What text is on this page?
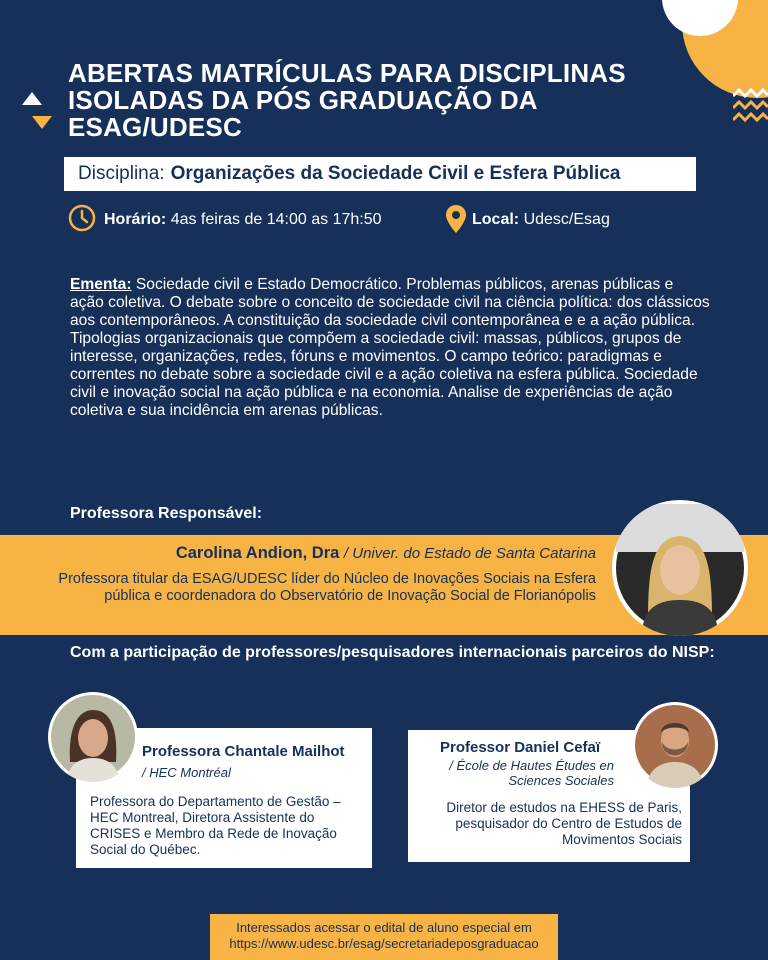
ABERTAS MATRÍCULAS PARA DISCIPLINAS ISOLADAS DA PÓS GRADUAÇÃO DA ESAG/UDESC
Disciplina: Organizações da Sociedade Civil e Esfera Pública
Horário: 4as feiras de 14:00 as 17h:50	Local: Udesc/Esag
Ementa: Sociedade civil e Estado Democrático. Problemas públicos, arenas públicas e ação coletiva. O debate sobre o conceito de sociedade civil na ciência política: dos clássicos aos contemporâneos. A constituição da sociedade civil contemporânea e e a ação pública. Tipologias organizacionais que compõem a sociedade civil: massas, públicos, grupos de interesse, organizações, redes, fóruns e movimentos. O campo teórico: paradigmas e correntes no debate sobre a sociedade civil e a ação coletiva na esfera pública. Sociedade civil e inovação social na ação pública e na economia. Analise de experiências de ação coletiva e sua incidência em arenas públicas.
Professora Responsável:
Carolina Andion, Dra / Univer. do Estado de Santa Catarina
Professora titular da ESAG/UDESC líder do Núcleo de Inovações Sociais na Esfera pública e coordenadora do Observatório de Inovação Social de Florianópolis
Com a participação de professores/pesquisadores internacionais parceiros do NISP:
Professora Chantale Mailhot
/ HEC Montréal
Professora do Departamento de Gestão – HEC Montreal, Diretora Assistente do CRISES e Membro da Rede de Inovação Social do Québec.
Professor Daniel Cefaï
/ École de Hautes Études en Sciences Sociales
Diretor de estudos na EHESS de Paris, pesquisador do Centro de Estudos de Movimentos Sociais
Interessados acessar o edital de aluno especial em
https://www.udesc.br/esag/secretariadeposgraduacao
